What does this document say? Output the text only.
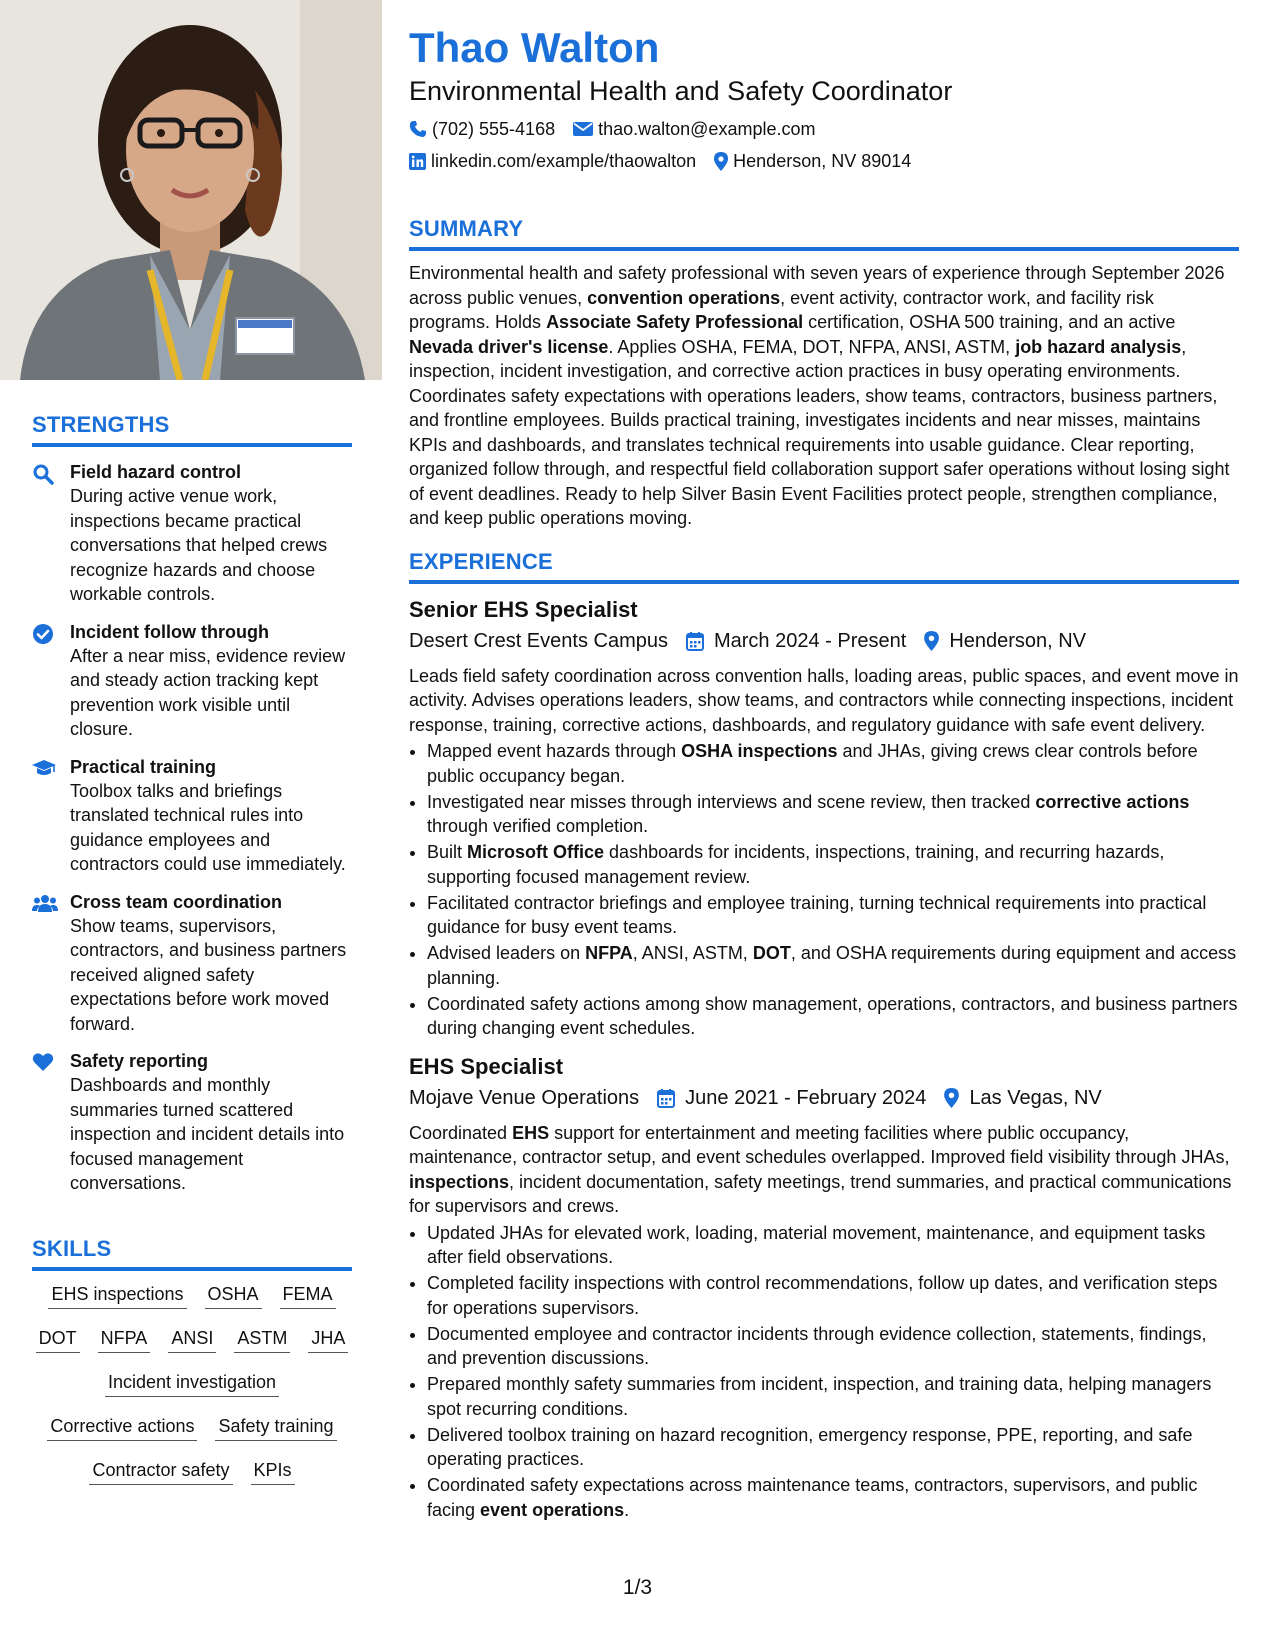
STRENGTHS
Field hazard control
During active venue work, inspections became practical conversations that helped crews recognize hazards and choose workable controls.
Incident follow through
After a near miss, evidence review and steady action tracking kept prevention work visible until closure.
Practical training
Toolbox talks and briefings translated technical rules into guidance employees and contractors could use immediately.
Cross team coordination
Show teams, supervisors, contractors, and business partners received aligned safety expectations before work moved forward.
Safety reporting
Dashboards and monthly summaries turned scattered inspection and incident details into focused management conversations.
SKILLS
EHS inspections OSHA FEMA
DOT NFPA ANSI ASTM JHA
Incident investigation
Corrective actions Safety training
Contractor safety KPIs
Thao Walton
Environmental Health and Safety Coordinator
(702) 555-4168 thao.walton@example.com
linkedin.com/example/thaowalton Henderson, NV 89014
SUMMARY

Environmental health and safety professional with seven years of experience through September 2026 across public venues, convention operations, event activity, contractor work, and facility risk programs. Holds Associate Safety Professional certification, OSHA 500 training, and an active Nevada driver's license. Applies OSHA, FEMA, DOT, NFPA, ANSI, ASTM, job hazard analysis, inspection, incident investigation, and corrective action practices in busy operating environments. Coordinates safety expectations with operations leaders, show teams, contractors, business partners, and frontline employees. Builds practical training, investigates incidents and near misses, maintains KPIs and dashboards, and translates technical requirements into usable guidance. Clear reporting, organized follow through, and respectful field collaboration support safer operations without losing sight of event deadlines. Ready to help Silver Basin Event Facilities protect people, strengthen compliance, and keep public operations moving.

EXPERIENCE
Senior EHS Specialist
Desert Crest Events Campus March 2024 - Present Henderson, NV

Leads field safety coordination across convention halls, loading areas, public spaces, and event move in activity. Advises operations leaders, show teams, and contractors while connecting inspections, incident response, training, corrective actions, dashboards, and regulatory guidance with safe event delivery.

• Mapped event hazards through OSHA inspections and JHAs, giving crews clear controls before public occupancy began.
• Investigated near misses through interviews and scene review, then tracked corrective actions through verified completion.
• Built Microsoft Office dashboards for incidents, inspections, training, and recurring hazards, supporting focused management review.
• Facilitated contractor briefings and employee training, turning technical requirements into practical guidance for busy event teams.
• Advised leaders on NFPA, ANSI, ASTM, DOT, and OSHA requirements during equipment and access planning.
• Coordinated safety actions among show management, operations, contractors, and business partners during changing event schedules.
EHS Specialist
Mojave Venue Operations June 2021 - February 2024 Las Vegas, NV

Coordinated EHS support for entertainment and meeting facilities where public occupancy, maintenance, contractor setup, and event schedules overlapped. Improved field visibility through JHAs, inspections, incident documentation, safety meetings, trend summaries, and practical communications for supervisors and crews.

• Updated JHAs for elevated work, loading, material movement, maintenance, and equipment tasks after field observations.
• Completed facility inspections with control recommendations, follow up dates, and verification steps for operations supervisors.
• Documented employee and contractor incidents through evidence collection, statements, findings, and prevention discussions.
• Prepared monthly safety summaries from incident, inspection, and training data, helping managers spot recurring conditions.
• Delivered toolbox training on hazard recognition, emergency response, PPE, reporting, and safe operating practices.
• Coordinated safety expectations across maintenance teams, contractors, supervisors, and public facing event operations.
1/3
